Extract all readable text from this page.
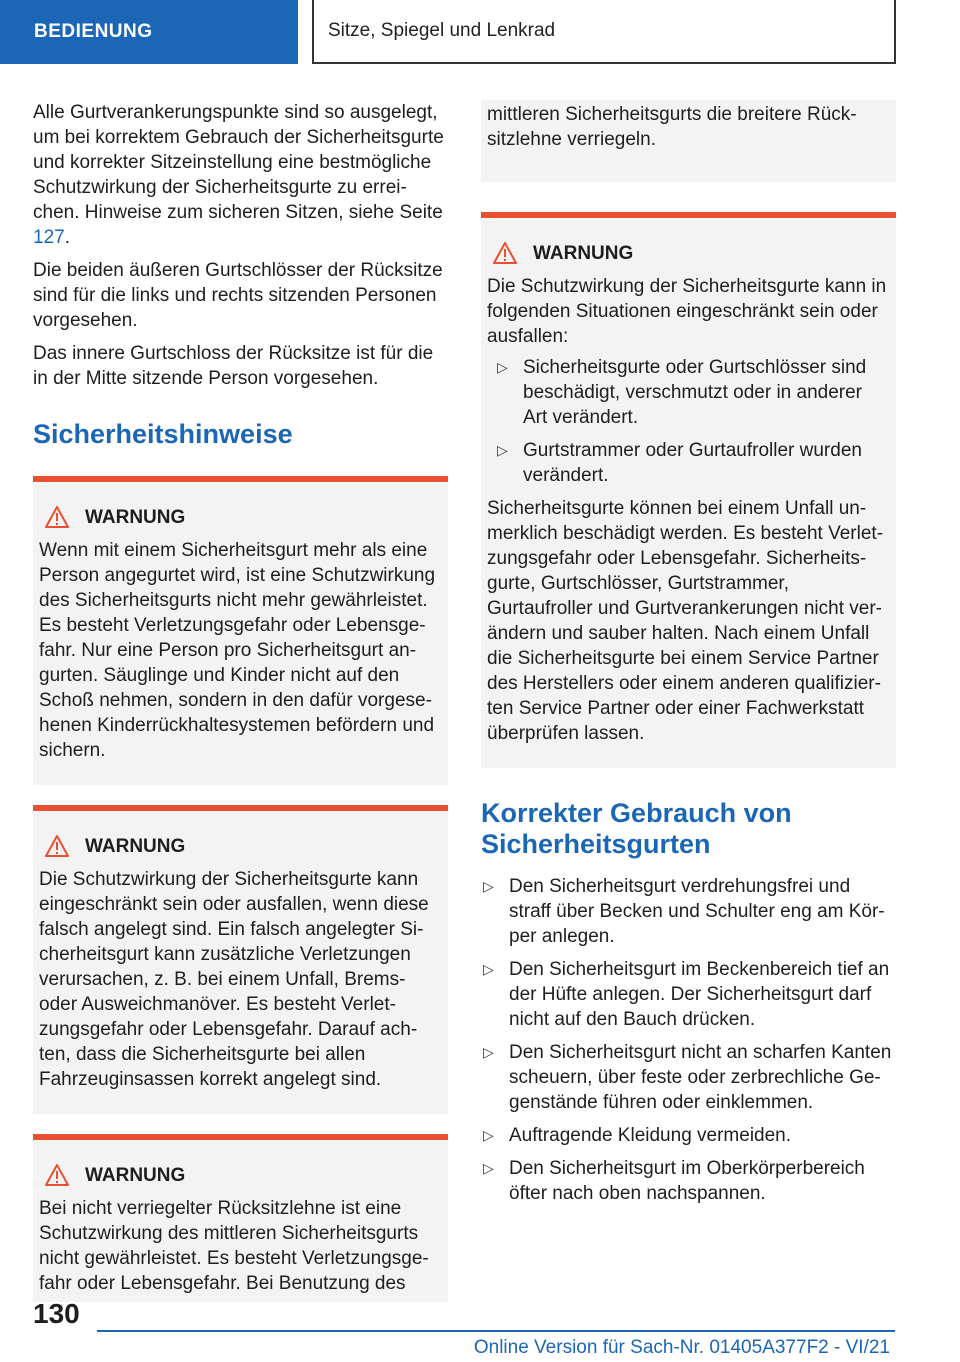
BEDIENUNG	Sitze, Spiegel und Lenkrad

Alle Gurtverankerungspunkte sind so ausgelegt, um bei korrektem Gebrauch der Sicherheitsgurte und korrekter Sitzeinstellung eine bestmögliche Schutzwirkung der Sicherheitsgurte zu errei-chen. Hinweise zum sicheren Sitzen, siehe Seite 127.

Die beiden äußeren Gurtschlösser der Rücksitze sind für die links und rechts sitzenden Personen vorgesehen.

Das innere Gurtschloss der Rücksitze ist für die in der Mitte sitzende Person vorgesehen.

Sicherheitshinweise
WARNUNG

Wenn mit einem Sicherheitsgurt mehr als eine Person angegurtet wird, ist eine Schutzwirkung des Sicherheitsgurts nicht mehr gewährleistet. Es besteht Verletzungsgefahr oder Lebensge-fahr. Nur eine Person pro Sicherheitsgurt an-gurten. Säuglinge und Kinder nicht auf den Schoß nehmen, sondern in den dafür vorgese-henen Kinderrückhaltesystemen befördern und sichern.

WARNUNG

Die Schutzwirkung der Sicherheitsgurte kann eingeschränkt sein oder ausfallen, wenn diese falsch angelegt sind. Ein falsch angelegter Si-cherheitsgurt kann zusätzliche Verletzungen verursachen, z. B. bei einem Unfall, Brems- oder Ausweichmanöver. Es besteht Verlet-zungsgefahr oder Lebensgefahr. Darauf ach-ten, dass die Sicherheitsgurte bei allen Fahrzeuginsassen korrekt angelegt sind.

WARNUNG

Bei nicht verriegelter Rücksitzlehne ist eine Schutzwirkung des mittleren Sicherheitsgurts nicht gewährleistet. Es besteht Verletzungsge-fahr oder Lebensgefahr. Bei Benutzung des

mittleren Sicherheitsgurts die breitere Rück-sitzlehne verriegeln.

WARNUNG

Die Schutzwirkung der Sicherheitsgurte kann in folgenden Situationen eingeschränkt sein oder ausfallen:

▷ Sicherheitsgurte oder Gurtschlösser sind beschädigt, verschmutzt oder in anderer Art verändert.
▷ Gurtstrammer oder Gurtaufroller wurden verändert.

Sicherheitsgurte können bei einem Unfall un-merklich beschädigt werden. Es besteht Verlet-zungsgefahr oder Lebensgefahr. Sicherheits-gurte, Gurtschlösser, Gurtstrammer, Gurtaufroller und Gurtverankerungen nicht ver-ändern und sauber halten. Nach einem Unfall die Sicherheitsgurte bei einem Service Partner des Herstellers oder einem anderen qualifizier-ten Service Partner oder einer Fachwerkstatt überprüfen lassen.

Korrekter Gebrauch von Sicherheitsgurten
▷ Den Sicherheitsgurt verdrehungsfrei und straff über Becken und Schulter eng am Kör-per anlegen.
▷ Den Sicherheitsgurt im Beckenbereich tief an der Hüfte anlegen. Der Sicherheitsgurt darf nicht auf den Bauch drücken.
▷ Den Sicherheitsgurt nicht an scharfen Kanten scheuern, über feste oder zerbrechliche Ge-genstände führen oder einklemmen.
▷ Auftragende Kleidung vermeiden.
▷ Den Sicherheitsgurt im Oberkörperbereich öfter nach oben nachspannen.
130
Online Version für Sach-Nr. 01405A377F2 - VI/21
